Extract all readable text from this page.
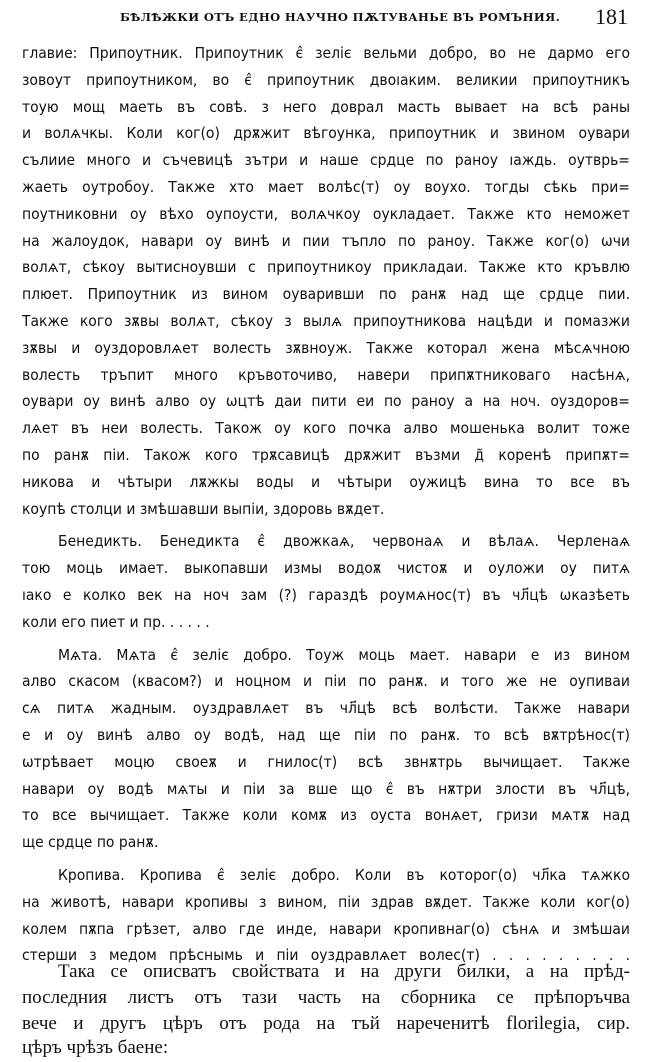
БѢЛѢЖКИ ОТЪ ЕДНО НАУЧНО ПѪТУВАНЬЕ ВЪ РОМЪНИЯ. 181
главие: Припоутник. Припоутник є̂ зеліє вельми добро, во не дармо его
зовоут припоутником, во є̂ припоутник двоıаким. великии припоутникъ
тоую мощ маеть въ совѣ. з него доврал масть вывает на всѣ раны
и волѧчкы. Коли ког(о) дрѫжит вѣгоунка, припоутник и звином оувари
сълиие много и съчевицѣ зътри и наше срдце по раноу ıаждь. оутврь=
жаеть оутробоу. Также хто мает волѣс(т) оу воухо. тогды сѣкь при=
поутниковни оу вѣхо оупоусти, волѧчкоу оукладает. Также кто неможет
на жалоудок, навари оу винѣ и пии тъпло по раноу. Также ког(о) ѡчи
волѧт, сѣкоу вытисноувши с припоутникоу прикладаи. Также кто кръвлю
плюет. Припоутник из вином оуваривши по ранѫ над ще срдце пии.
Также кого зѫвы волѧт, сѣкоу з вылѧ припоутникова нацѣди и помазжи
зѫвы и оуздоровлѧет волесть зѫвноуж. Также которал жена мѣсѧчною
волесть тръпит много кръвоточиво, навери припѫтниковаго насѣнѧ,
оувари оу винѣ алво оу ѡцтѣ даи пити еи по раноу а на ноч. оуздоров=
лѧет въ неи волесть. Також оу кого почка алво мошенька волит тоже
по ранѫ піи. Також кого трѫсавицѣ дрѫжит възми д̃ коренѣ припѫт=
никова и чѣтыри лѫжкы воды и чѣтыри оужицѣ вина то все въ
коупѣ столци и змѣшавши выпіи, здоровь вѫдет.
Бенедикть. Бенедикта є̂ двожкаѧ, червонаѧ и вѣлаѧ. Черленаѧ
тою моць имает. выкопавши измы водоѫ чистоѫ и оуложи оу питѧ
ıако е колко век на ноч зам (?) гараздѣ роумѧнос(т) въ чл҃цѣ ѡказѣеть
коли его пиет и пр. . . . . .
Мѧта. Мѧта є̂ зеліє добро. Тоуж моць мает. навари е из вином
алво скасом (квасом?) и ноцном и піи по ранѫ. и того же не оупиваи
сѧ питѧ жадным. оуздравлѧет въ чл҃цѣ всѣ волѣсти. Также навари
е и оу винѣ алво оу водѣ, над ще піи по ранѫ. то всѣ вѫтрѣнос(т)
ѡтрѣвает моцю своеѫ и гнилос(т) всѣ звнѫтрь вычищает. Также
навари оу водѣ мѧты и піи за вше що є̂ въ нѫтри злости въ чл҃цѣ,
то все вычищает. Также коли комѫ из оуста вонѧет, гризи мѧтѫ над
ще срдце по ранѫ.
Кропива. Кропива є̂ зеліє добро. Коли въ которог(о) чл҃ка тѧжко
на животѣ, навари кропивы з вином, піи здрав вѫдет. Также коли ког(о)
колем пѫпа грѣзет, алво где инде, навари кропивнаг(о) сѣнѧ и змѣшаи
стерши з медом прѣснымь и піи оуздравлѧет волес(т) . . . . . . . . .
Така се описватъ свойствата и на други билки, а на прѣд-
последния листъ отъ тази часть на сборника се прѣпоръчва
вече и другъ цѣръ отъ рода на тъй нареченитѣ florilegia, сир.
цѣръ чрѣзъ баене:
